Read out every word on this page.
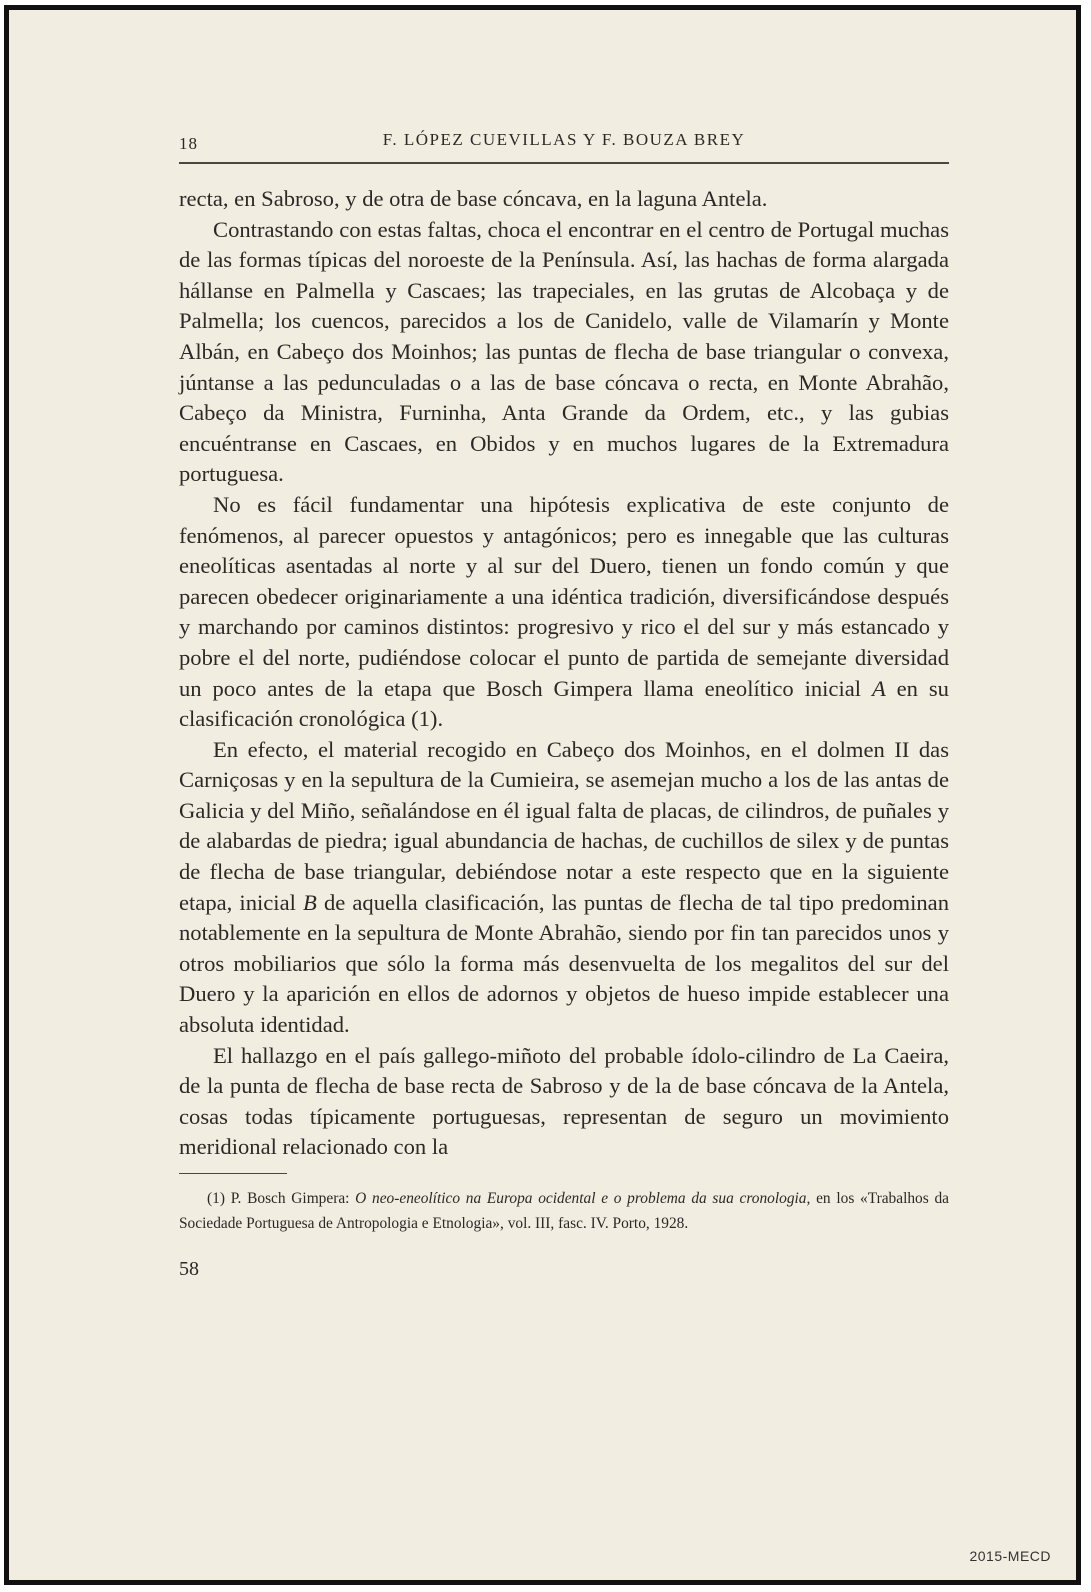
18	F. LÓPEZ CUEVILLAS Y F. BOUZA BREY

recta, en Sabroso, y de otra de base cóncava, en la laguna Antela.

Contrastando con estas faltas, choca el encontrar en el centro de Portugal muchas de las formas típicas del noroeste de la Península. Así, las hachas de forma alargada hállanse en Palmella y Cascaes; las trapeciales, en las grutas de Alcobaça y de Palmella; los cuencos, parecidos a los de Canidelo, valle de Vilamarín y Monte Albán, en Cabeço dos Moinhos; las puntas de flecha de base triangular o convexa, júntanse a las pedunculadas o a las de base cóncava o recta, en Monte Abrahão, Cabeço da Ministra, Furninha, Anta Grande da Ordem, etc., y las gubias encuéntranse en Cascaes, en Obidos y en muchos lugares de la Extremadura portuguesa.

No es fácil fundamentar una hipótesis explicativa de este conjunto de fenómenos, al parecer opuestos y antagónicos; pero es innegable que las culturas eneolíticas asentadas al norte y al sur del Duero, tienen un fondo común y que parecen obedecer originariamente a una idéntica tradición, diversificándose después y marchando por caminos distintos: progresivo y rico el del sur y más estancado y pobre el del norte, pudiéndose colocar el punto de partida de semejante diversidad un poco antes de la etapa que Bosch Gimpera llama eneolítico inicial A en su clasificación cronológica (1).

En efecto, el material recogido en Cabeço dos Moinhos, en el dolmen II das Carniçosas y en la sepultura de la Cumieira, se asemejan mucho a los de las antas de Galicia y del Miño, señalándose en él igual falta de placas, de cilindros, de puñales y de alabardas de piedra; igual abundancia de hachas, de cuchillos de silex y de puntas de flecha de base triangular, debiéndose notar a este respecto que en la siguiente etapa, inicial B de aquella clasificación, las puntas de flecha de tal tipo predominan notablemente en la sepultura de Monte Abrahão, siendo por fin tan parecidos unos y otros mobiliarios que sólo la forma más desenvuelta de los megalitos del sur del Duero y la aparición en ellos de adornos y objetos de hueso impide establecer una absoluta identidad.

El hallazgo en el país gallego-miñoto del probable ídolo-cilindro de La Caeira, de la punta de flecha de base recta de Sabroso y de la de base cóncava de la Antela, cosas todas típicamente portuguesas, representan de seguro un movimiento meridional relacionado con la

(1) P. Bosch Gimpera: O neo-eneolítico na Europa ocidental e o problema da sua cronologia, en los «Trabalhos da Sociedade Portuguesa de Antropologia e Etnologia», vol. III, fasc. IV. Porto, 1928.
58
2015-MECD
